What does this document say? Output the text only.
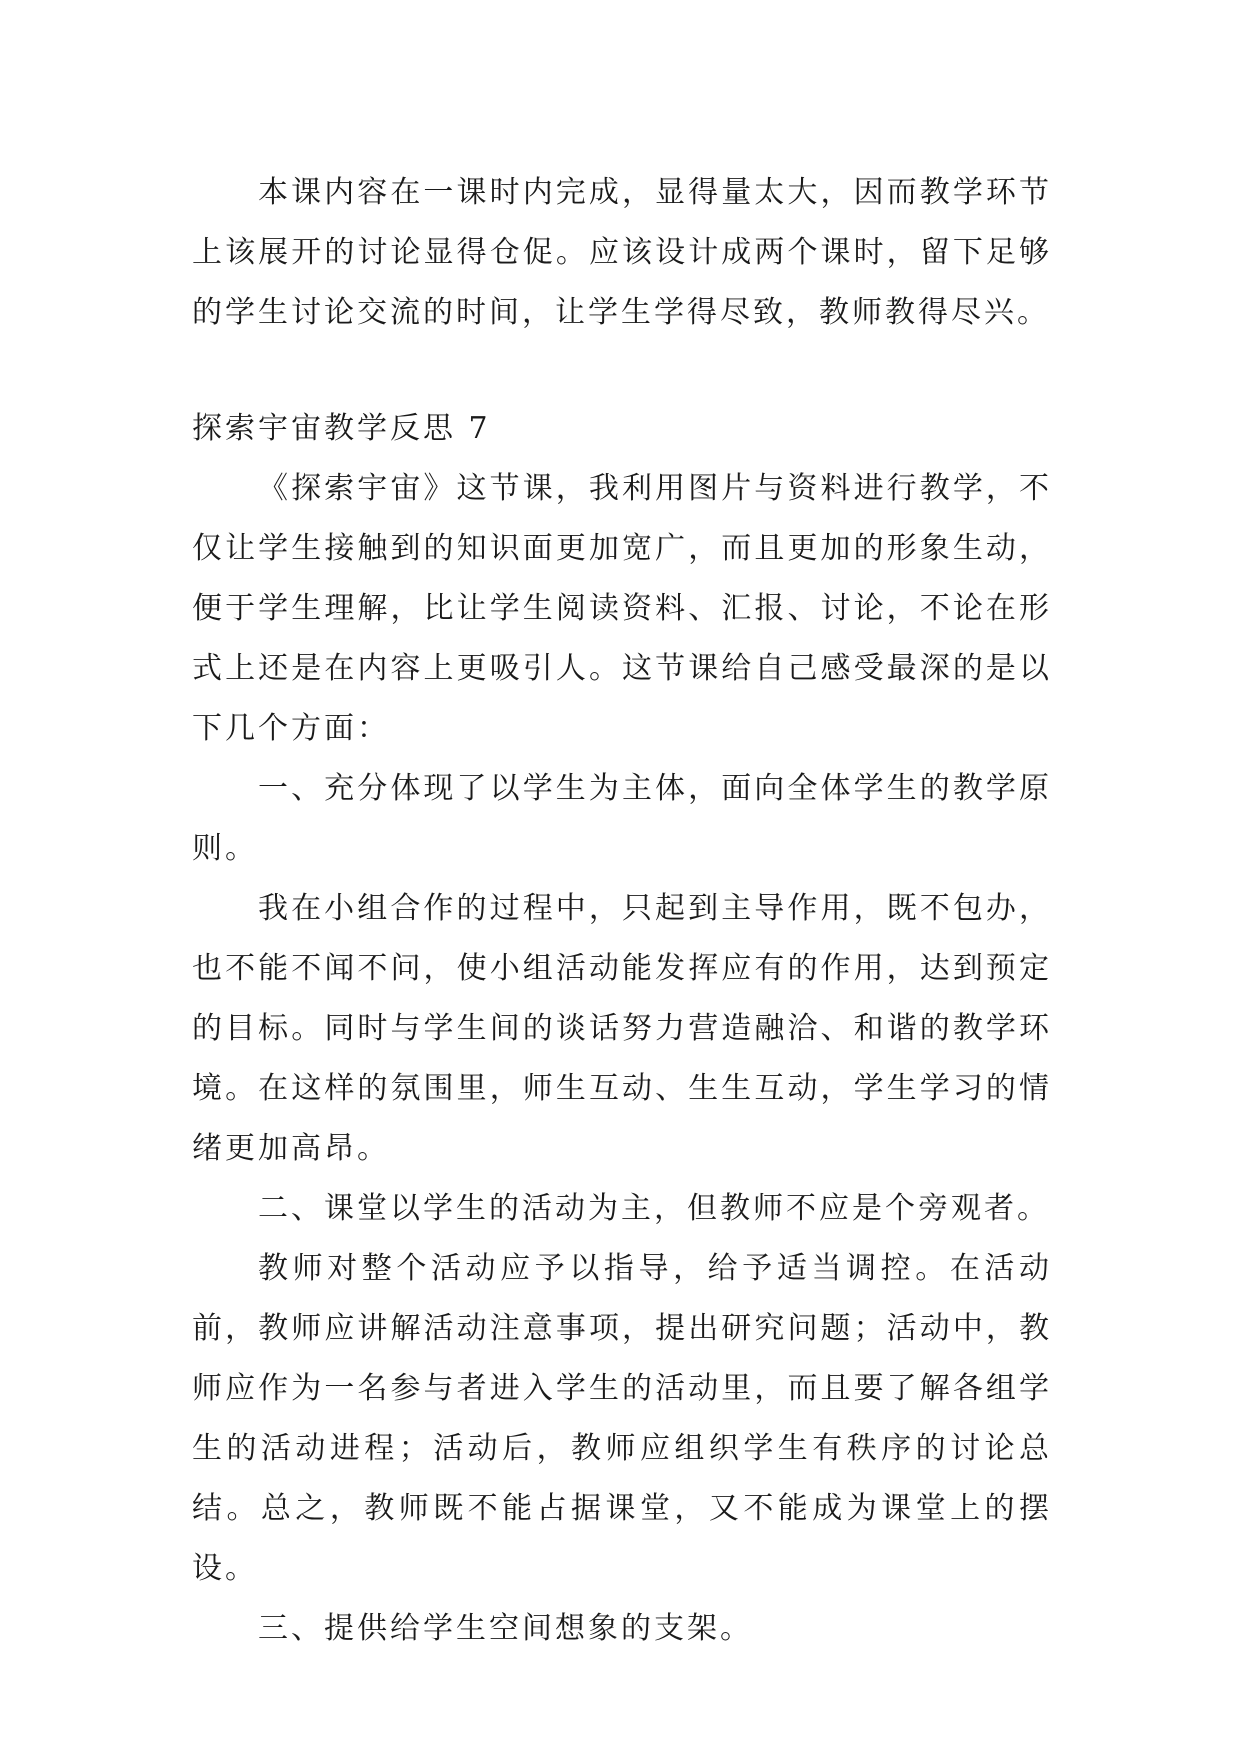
本课内容在一课时内完成，显得量太大，因而教学环节上该展开的讨论显得仓促。应该设计成两个课时，留下足够的学生讨论交流的时间，让学生学得尽致，教师教得尽兴。

探索宇宙教学反思 7

《探索宇宙》这节课，我利用图片与资料进行教学，不仅让学生接触到的知识面更加宽广，而且更加的形象生动，便于学生理解，比让学生阅读资料、汇报、讨论，不论在形式上还是在内容上更吸引人。这节课给自己感受最深的是以下几个方面：

一、充分体现了以学生为主体，面向全体学生的教学原则。

我在小组合作的过程中，只起到主导作用，既不包办，也不能不闻不问，使小组活动能发挥应有的作用，达到预定的目标。同时与学生间的谈话努力营造融洽、和谐的教学环境。在这样的氛围里，师生互动、生生互动，学生学习的情绪更加高昂。

二、课堂以学生的活动为主，但教师不应是个旁观者。

教师对整个活动应予以指导，给予适当调控。在活动前，教师应讲解活动注意事项，提出研究问题；活动中，教师应作为一名参与者进入学生的活动里，而且要了解各组学生的活动进程；活动后，教师应组织学生有秩序的讨论总结。总之，教师既不能占据课堂，又不能成为课堂上的摆设。

三、提供给学生空间想象的支架。
